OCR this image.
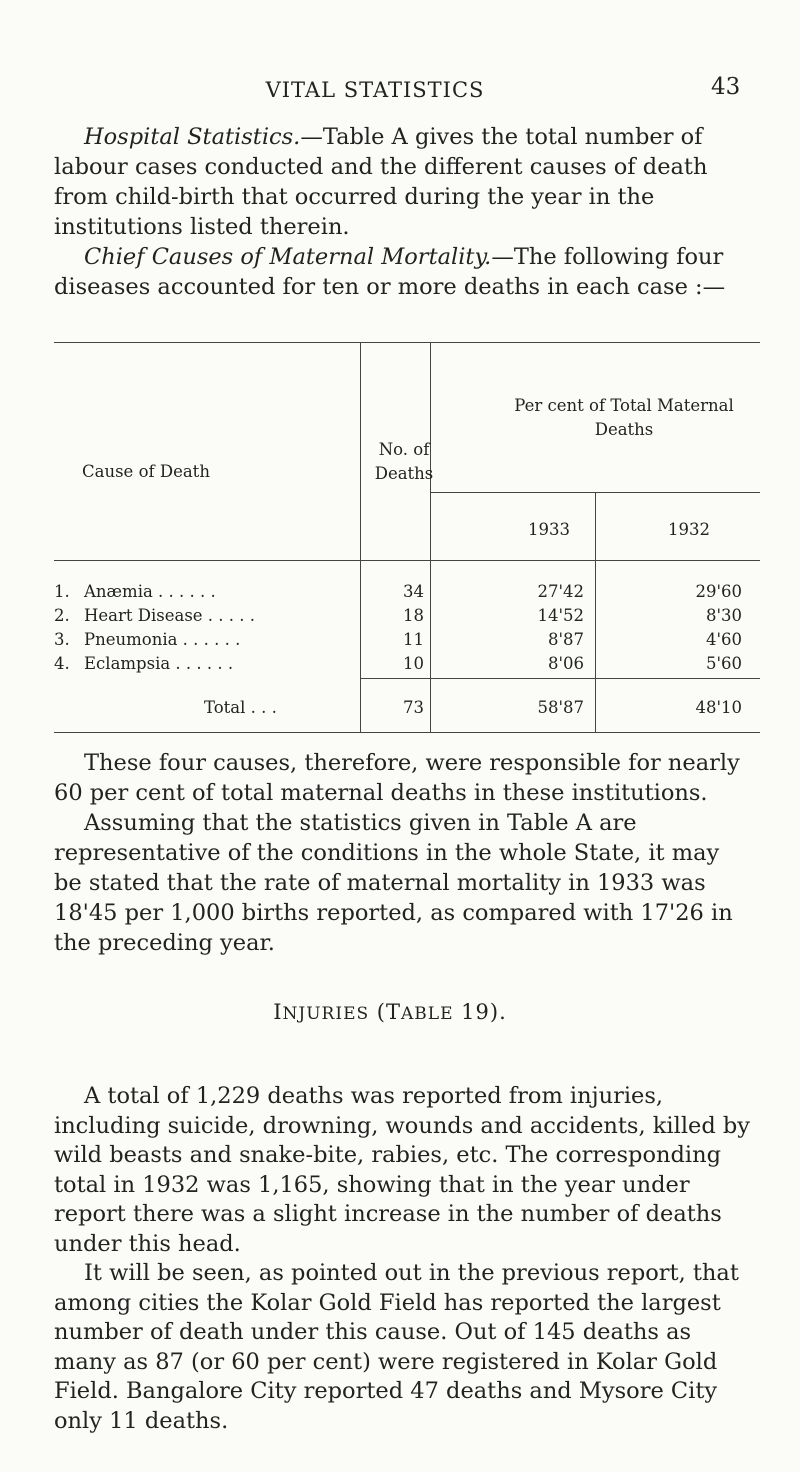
VITAL STATISTICS	43

Hospital Statistics.—Table A gives the total number of labour cases conducted and the different causes of death from child-birth that occurred during the year in the institutions listed therein.

Chief Causes of Maternal Mortality.—The following four diseases accounted for ten or more deaths in each case :—

Cause of Death
No. of Deaths
Per cent of Total Maternal Deaths
1933	1932
1. Anæmia . . . . . .	34	27'42	29'60
2. Heart Disease . . . . .	18	14'52	8'30
3. Pneumonia . . . . . .	11	8'87	4'60
4. Eclampsia . . . . . .	10	8'06	5'60
Total . . .	73	58'87	48'10

These four causes, therefore, were responsible for nearly 60 per cent of total maternal deaths in these institutions.

Assuming that the statistics given in Table A are representative of the conditions in the whole State, it may be stated that the rate of maternal mortality in 1933 was 18'45 per 1,000 births reported, as compared with 17'26 in the preceding year.

INJURIES (TABLE 19).

A total of 1,229 deaths was reported from injuries, including suicide, drowning, wounds and accidents, killed by wild beasts and snake-bite, rabies, etc. The corresponding total in 1932 was 1,165, showing that in the year under report there was a slight increase in the number of deaths under this head.

It will be seen, as pointed out in the previous report, that among cities the Kolar Gold Field has reported the largest number of death under this cause. Out of 145 deaths as many as 87 (or 60 per cent) were registered in Kolar Gold Field. Bangalore City reported 47 deaths and Mysore City only 11 deaths.
